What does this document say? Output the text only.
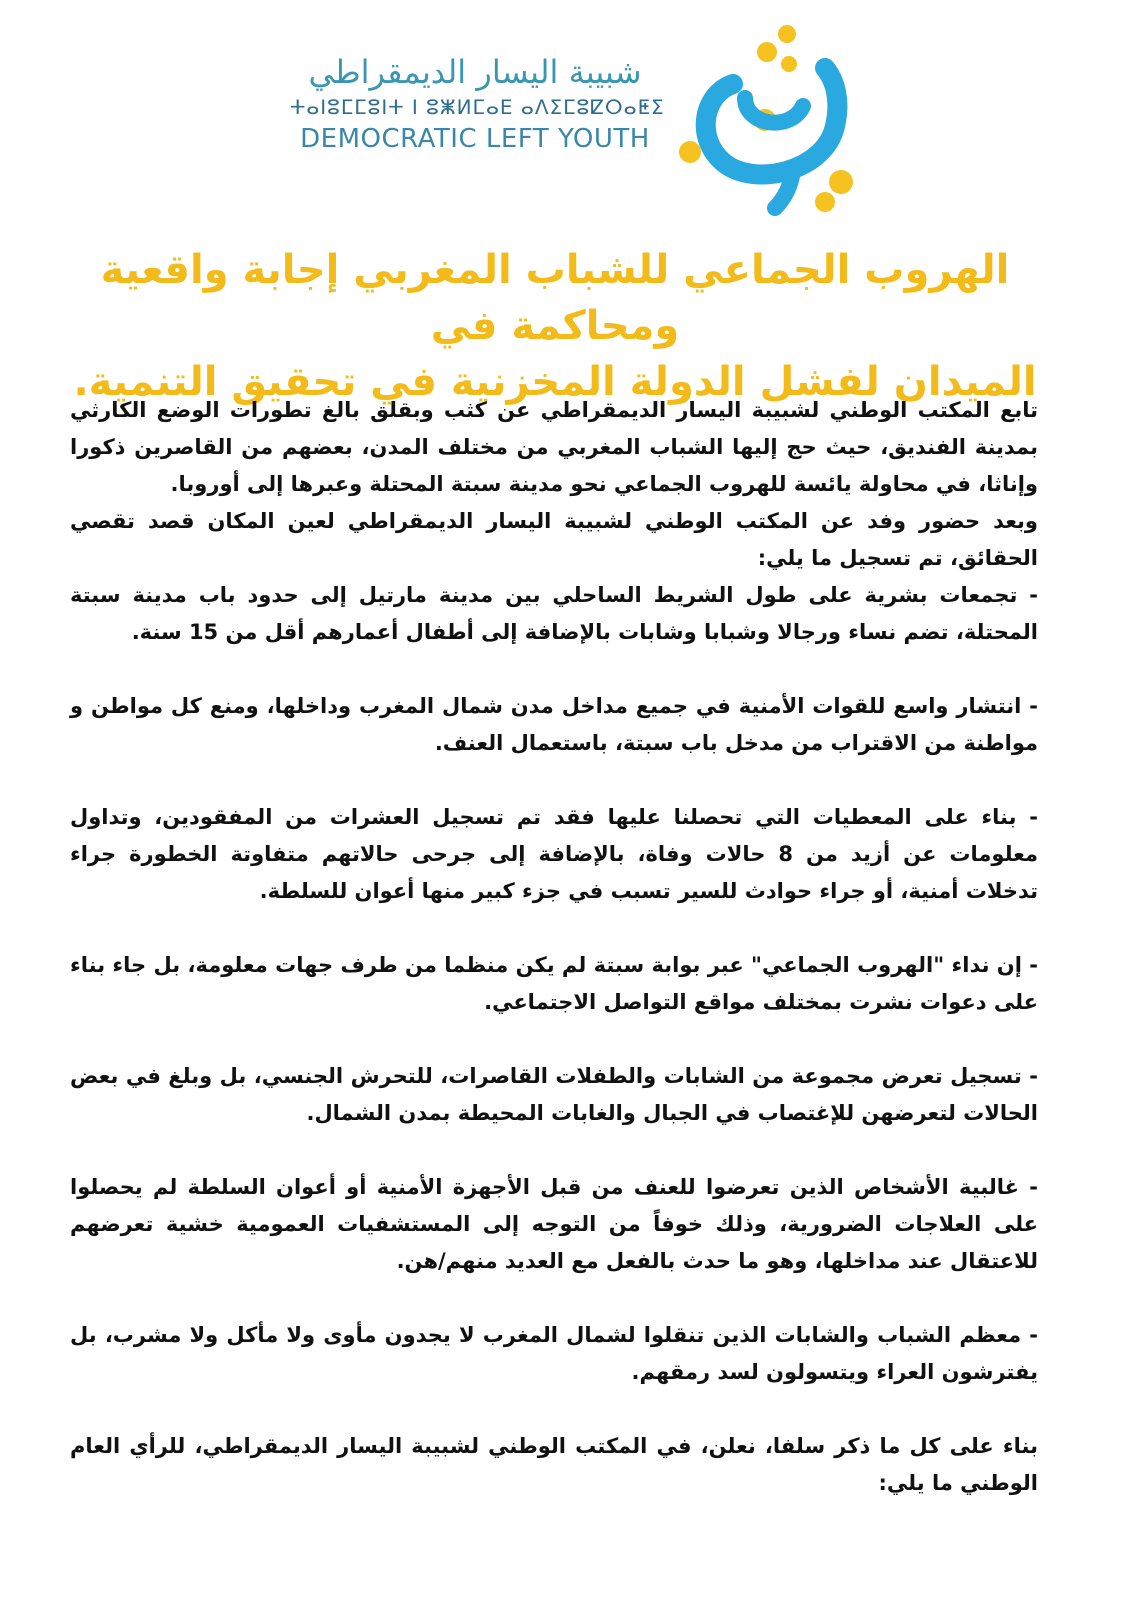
شبيبة اليسار الديمقراطي
ⵜⴰⵏⵓⵎⵎⵓⵏⵜ ⵏ ⵓⵥⵍⵎⴰⴹ ⴰⴷⵉⵎⵓⵇⵔⴰⵟⵉ
DEMOCRATIC LEFT YOUTH
الهروب الجماعي للشباب المغربي إجابة واقعية ومحاكمة في
الميدان لفشل الدولة المخزنية في تحقيق التنمية.

تابع المكتب الوطني لشبيبة اليسار الديمقراطي عن كثب وبقلق بالغ تطورات الوضع الكارثي بمدينة الفنديق، حيث حج إليها الشباب المغربي من مختلف المدن، بعضهم من القاصرين ذكورا وإناثا، في محاولة يائسة للهروب الجماعي نحو مدينة سبتة المحتلة وعبرها إلى أوروبا.

وبعد حضور وفد عن المكتب الوطني لشبيبة اليسار الديمقراطي لعين المكان قصد تقصي الحقائق، تم تسجيل ما يلي:

- تجمعات بشرية على طول الشريط الساحلي بين مدينة مارتيل إلى حدود باب مدينة سبتة المحتلة، تضم نساء ورجالا وشبابا وشابات بالإضافة إلى أطفال أعمارهم أقل من 15 سنة.

- انتشار واسع للقوات الأمنية في جميع مداخل مدن شمال المغرب وداخلها، ومنع كل مواطن و مواطنة من الاقتراب من مدخل باب سبتة، باستعمال العنف.

- بناء على المعطيات التي تحصلنا عليها فقد تم تسجيل العشرات من المفقودين، وتداول معلومات عن أزيد من 8 حالات وفاة، بالإضافة إلى جرحى حالاتهم متفاوتة الخطورة جراء تدخلات أمنية، أو جراء حوادث للسير تسبب في جزء كبير منها أعوان للسلطة.

- إن نداء "الهروب الجماعي" عبر بوابة سبتة لم يكن منظما من طرف جهات معلومة، بل جاء بناء على دعوات نشرت بمختلف مواقع التواصل الاجتماعي.

- تسجيل تعرض مجموعة من الشابات والطفلات القاصرات، للتحرش الجنسي، بل وبلغ في بعض الحالات لتعرضهن للإغتصاب في الجبال والغابات المحيطة بمدن الشمال.

- غالبية الأشخاص الذين تعرضوا للعنف من قبل الأجهزة الأمنية أو أعوان السلطة لم يحصلوا على العلاجات الضرورية، وذلك خوفاً من التوجه إلى المستشفيات العمومية خشية تعرضهم للاعتقال عند مداخلها، وهو ما حدث بالفعل مع العديد منهم/هن.

- معظم الشباب والشابات الذين تنقلوا لشمال المغرب لا يجدون مأوى ولا مأكل ولا مشرب، بل يفترشون العراء ويتسولون لسد رمقهم.

بناء على كل ما ذكر سلفا، نعلن، في المكتب الوطني لشبيبة اليسار الديمقراطي، للرأي العام الوطني ما يلي:
